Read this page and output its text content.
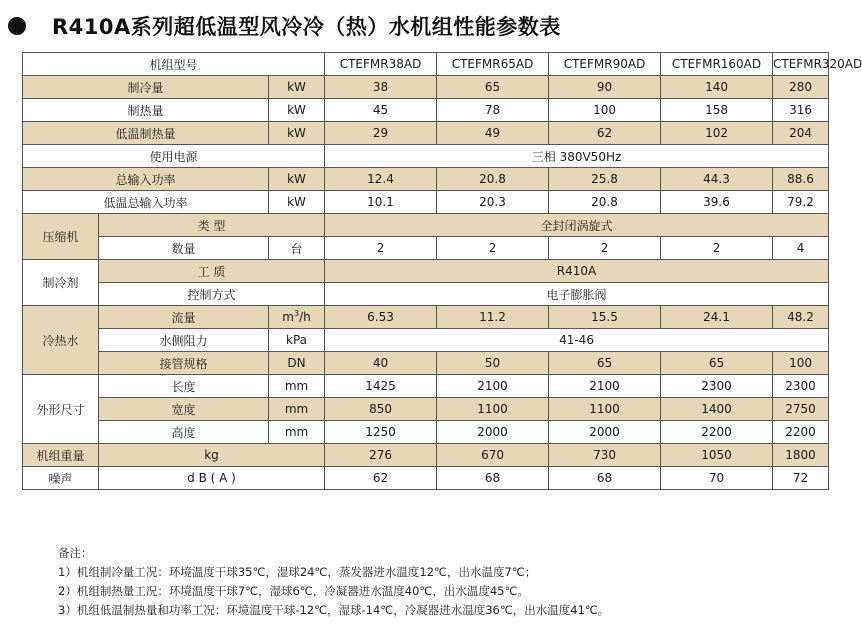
R410A系列超低温型风冷冷（热）水机组性能参数表
机组型号			CTEFMR38AD	CTEFMR65AD	CTEFMR90AD	CTEFMR160AD	CTEFMR320AD
制冷量		kW	38	65	90	140	280
制热量		kW	45	78	100	158	316
低温制热量		kW	29	49	62	102	204
使用电源			三相 380V50Hz				
总输入功率		kW	12.4	20.8	25.8	44.3	88.6
低温总输入功率		kW	10.1	20.3	20.8	39.6	79.2
压缩机	类 型		全封闭涡旋式				
	数量	台	2	2	2	2	4
制冷剂	工 质		R410A				
	控制方式		电子膨胀阀				
冷热水	流量	$m^3/h$	6.53	11.2	15.5	24.1	48.2
	水侧阻力	kPa	41-46				
	接管规格	DN	40	50	65	65	100
外形尺寸	长度	mm	1425	2100	2100	2300	2300
	宽度	mm	850	1100	1100	1400	2750
	高度	mm	1250	2000	2000	2200	2200
机组重量	kg		276	670	730	1050	1800
噪声	d B ( A )		62	68	68	70	72
备注：
1）机组制冷量工况：环境温度干球35℃，湿球24℃，蒸发器进水温度12℃，出水温度7℃；
2）机组制热量工况：环境温度干球7℃，湿球6℃，冷凝器进水温度40℃，出水温度45℃。
3）机组低温制热量和功率工况：环境温度干球-12℃，湿球-14℃，冷凝器进水温度36℃，出水温度41℃。
